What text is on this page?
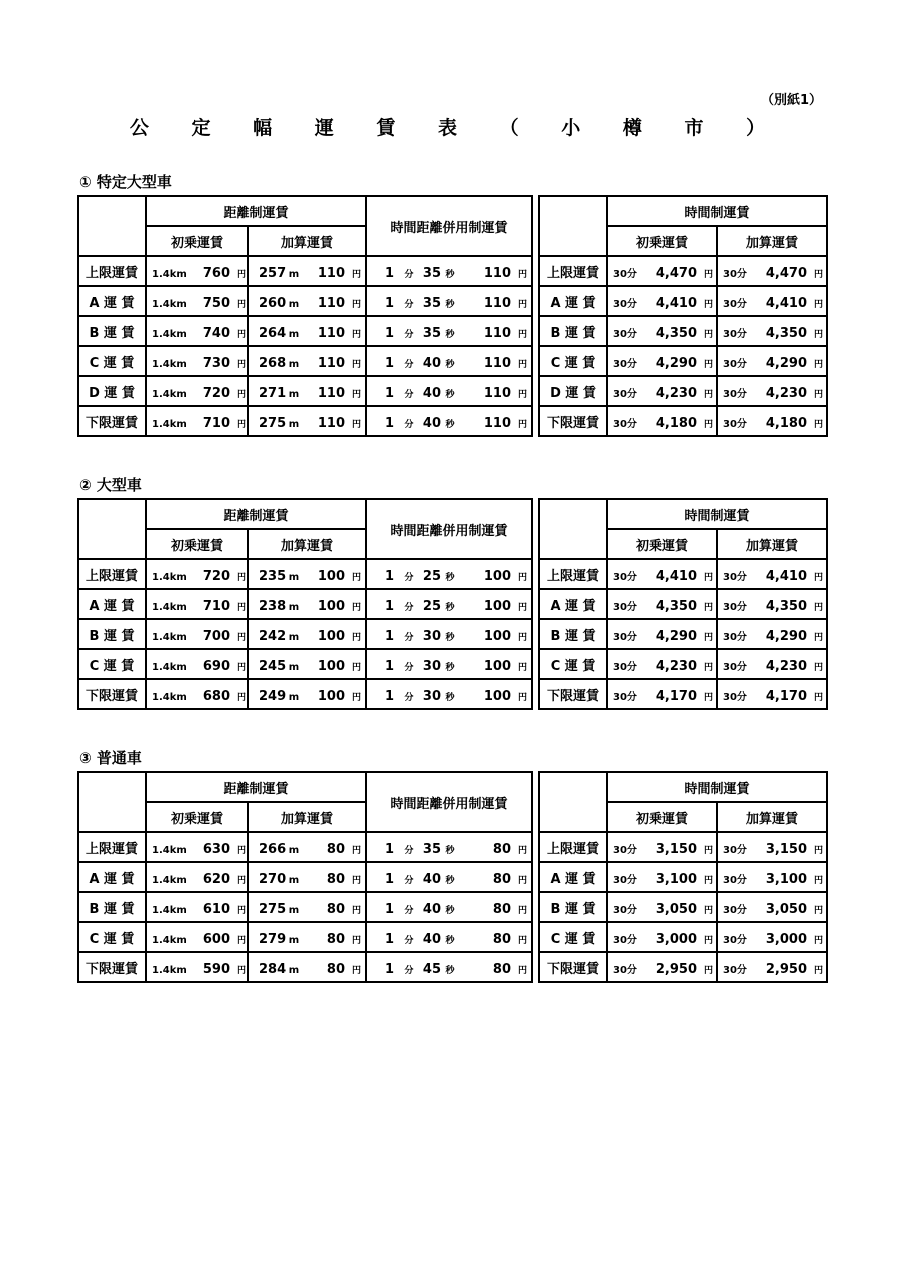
（別紙1）
公 定 幅 運 賃 表 （ 小 樽 市 ）
① 特定大型車
	距離制運賃		時間距離併用制運賃
	初乗運賃	加算運賃	
上限運賃	1.4km 760 円	257 m 110 円	1 分 35 秒 110 円
A 運 賃	1.4km 750 円	260 m 110 円	1 分 35 秒 110 円
B 運 賃	1.4km 740 円	264 m 110 円	1 分 35 秒 110 円
C 運 賃	1.4km 730 円	268 m 110 円	1 分 40 秒 110 円
D 運 賃	1.4km 720 円	271 m 110 円	1 分 40 秒 110 円
下限運賃	1.4km 710 円	275 m 110 円	1 分 40 秒 110 円
	時間制運賃	
	初乗運賃	加算運賃
上限運賃	30分 4,470 円	30分 4,470 円
A 運 賃	30分 4,410 円	30分 4,410 円
B 運 賃	30分 4,350 円	30分 4,350 円
C 運 賃	30分 4,290 円	30分 4,290 円
D 運 賃	30分 4,230 円	30分 4,230 円
下限運賃	30分 4,180 円	30分 4,180 円
② 大型車
	距離制運賃		時間距離併用制運賃
	初乗運賃	加算運賃	
上限運賃	1.4km 720 円	235 m 100 円	1 分 25 秒 100 円
A 運 賃	1.4km 710 円	238 m 100 円	1 分 25 秒 100 円
B 運 賃	1.4km 700 円	242 m 100 円	1 分 30 秒 100 円
C 運 賃	1.4km 690 円	245 m 100 円	1 分 30 秒 100 円
下限運賃	1.4km 680 円	249 m 100 円	1 分 30 秒 100 円
	時間制運賃	
	初乗運賃	加算運賃
上限運賃	30分 4,410 円	30分 4,410 円
A 運 賃	30分 4,350 円	30分 4,350 円
B 運 賃	30分 4,290 円	30分 4,290 円
C 運 賃	30分 4,230 円	30分 4,230 円
下限運賃	30分 4,170 円	30分 4,170 円
③ 普通車
	距離制運賃		時間距離併用制運賃
	初乗運賃	加算運賃	
上限運賃	1.4km 630 円	266 m 80 円	1 分 35 秒 80 円
A 運 賃	1.4km 620 円	270 m 80 円	1 分 40 秒 80 円
B 運 賃	1.4km 610 円	275 m 80 円	1 分 40 秒 80 円
C 運 賃	1.4km 600 円	279 m 80 円	1 分 40 秒 80 円
下限運賃	1.4km 590 円	284 m 80 円	1 分 45 秒 80 円
	時間制運賃	
	初乗運賃	加算運賃
上限運賃	30分 3,150 円	30分 3,150 円
A 運 賃	30分 3,100 円	30分 3,100 円
B 運 賃	30分 3,050 円	30分 3,050 円
C 運 賃	30分 3,000 円	30分 3,000 円
下限運賃	30分 2,950 円	30分 2,950 円
